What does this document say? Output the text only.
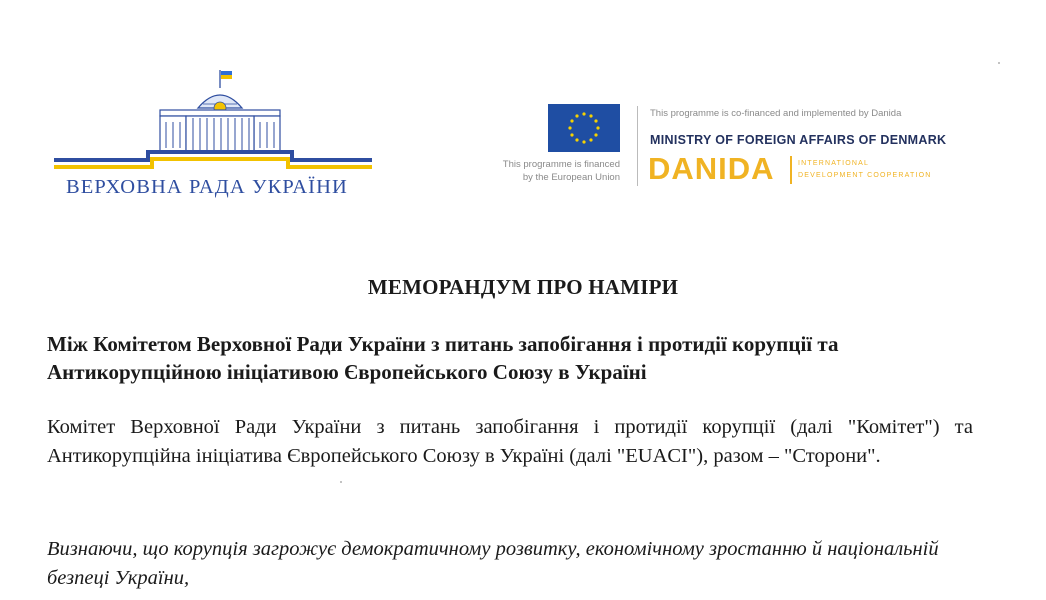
ВЕРХОВНА РАДА УКРАЇНИ
This programme is financed
by the European Union
This programme is co-financed and implemented by Danida
MINISTRY OF FOREIGN AFFAIRS OF DENMARK
DANIDA	INTERNATIONAL
DEVELOPMENT COOPERATION
МЕМОРАНДУМ ПРО НАМІРИ
Між Комітетом Верховної Ради України з питань запобігання і протидії корупції та Антикорупційною ініціативою Європейського Союзу в Україні
Комітет Верховної Ради України з питань запобігання і протидії корупції (далі "Комітет") та Антикорупційна ініціатива Європейського Союзу в Україні (далі "EUACI"), разом – "Сторони".
Визнаючи, що корупція загрожує демократичному розвитку, економічному зростанню й національній безпеці України,
